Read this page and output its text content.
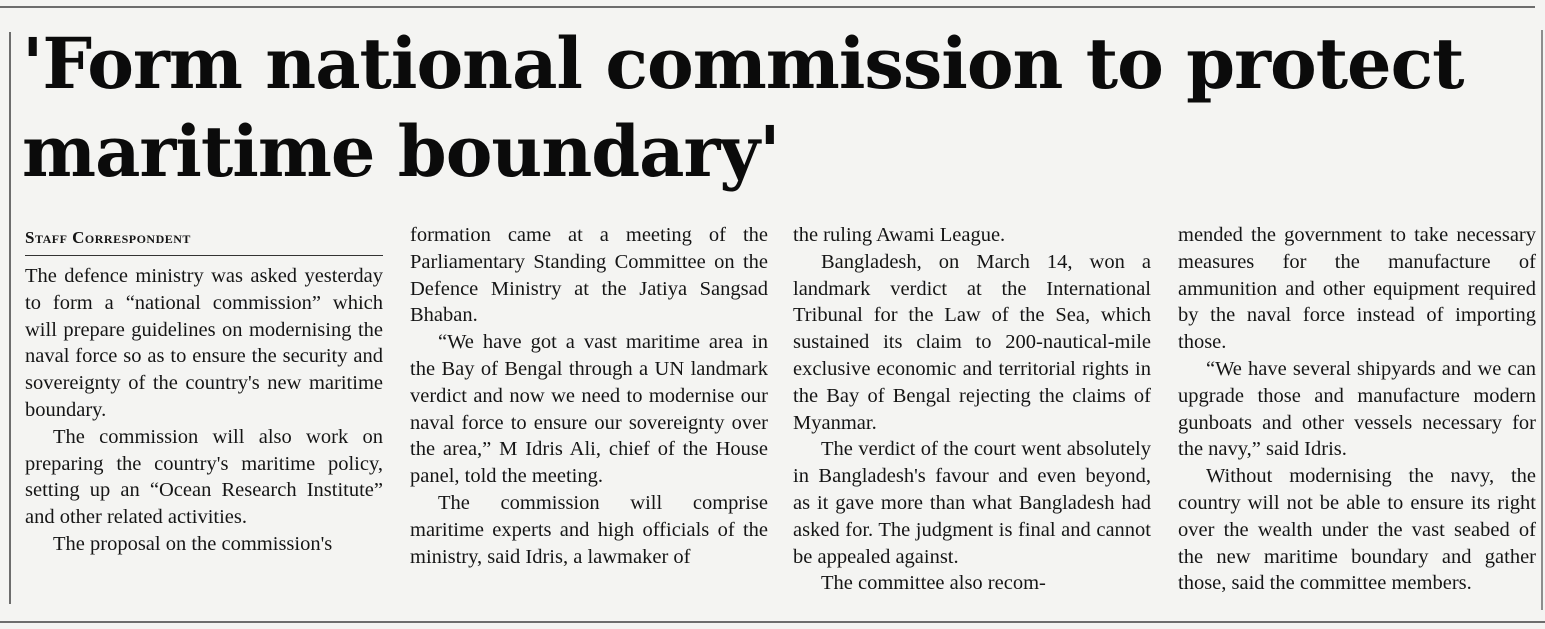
'Form national commission to protect
maritime boundary'
Staff Correspondent

The defence ministry was asked yesterday to form a “national commission” which will prepare guidelines on modernising the naval force so as to ensure the security and sovereignty of the country's new maritime boundary.

The commission will also work on preparing the country's maritime policy, setting up an “Ocean Research Institute” and other related activities.

The proposal on the commission's

formation came at a meeting of the Parliamentary Standing Committee on the Defence Ministry at the Jatiya Sangsad Bhaban.

“We have got a vast maritime area in the Bay of Bengal through a UN landmark verdict and now we need to modernise our naval force to ensure our sovereignty over the area,” M Idris Ali, chief of the House panel, told the meeting.

The commission will comprise maritime experts and high officials of the ministry, said Idris, a lawmaker of

the ruling Awami League.

Bangladesh, on March 14, won a landmark verdict at the International Tribunal for the Law of the Sea, which sustained its claim to 200-nautical-mile exclusive economic and territorial rights in the Bay of Bengal rejecting the claims of Myanmar.

The verdict of the court went absolutely in Bangladesh's favour and even beyond, as it gave more than what Bangladesh had asked for. The judgment is final and cannot be appealed against.

The committee also recom-

mended the government to take necessary measures for the manufacture of ammunition and other equipment required by the naval force instead of importing those.

“We have several shipyards and we can upgrade those and manufacture modern gunboats and other vessels necessary for the navy,” said Idris.

Without modernising the navy, the country will not be able to ensure its right over the wealth under the vast seabed of the new maritime boundary and gather those, said the committee members.
